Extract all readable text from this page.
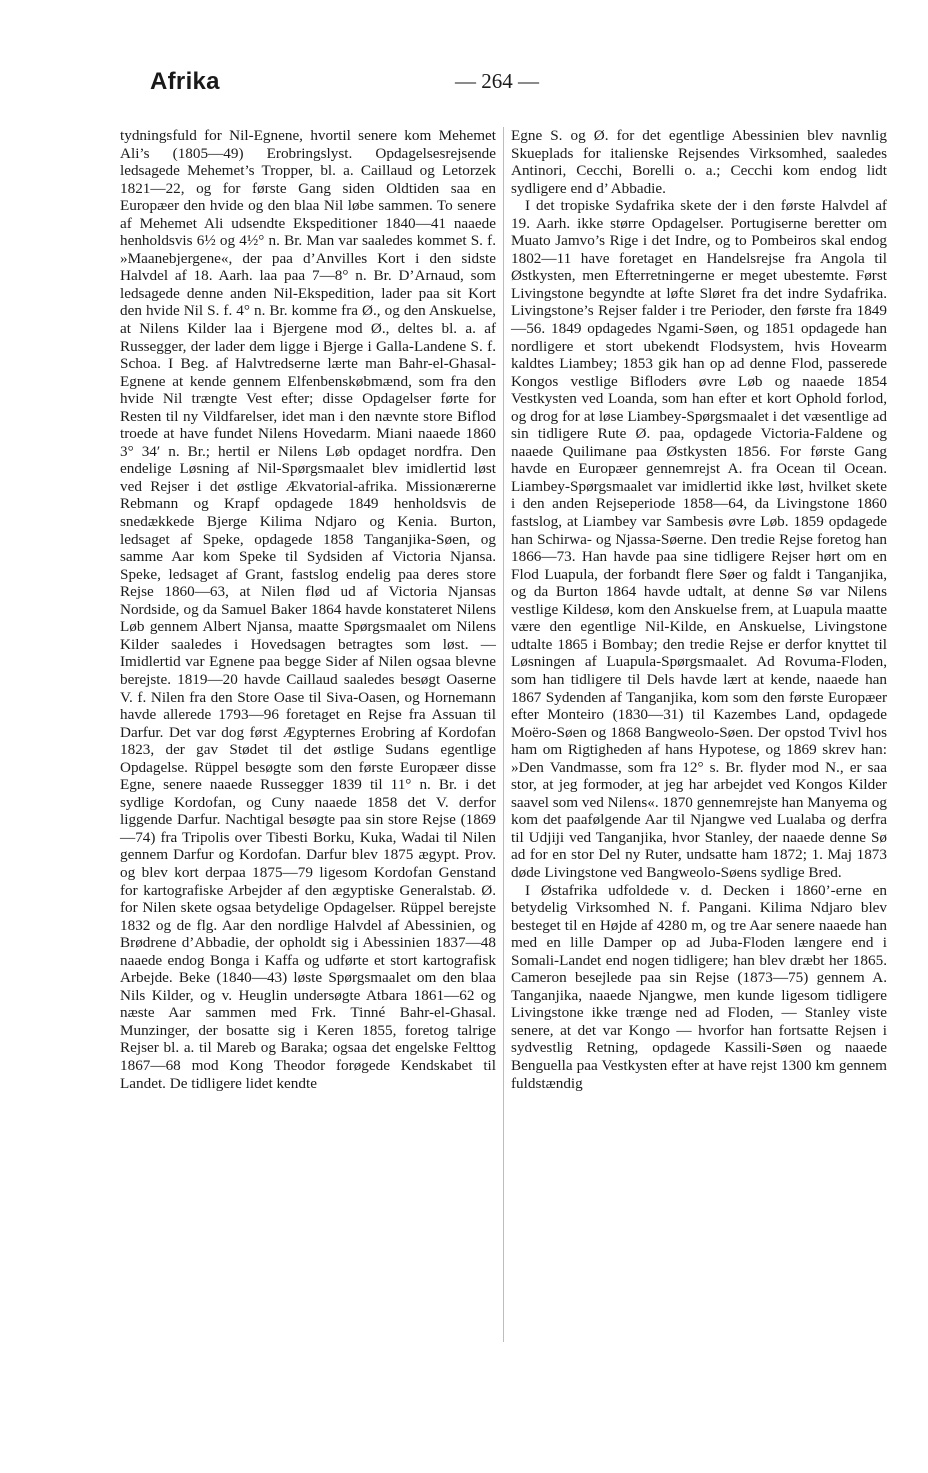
Afrika	— 264 —

tydningsfuld for Nil-Egnene, hvortil senere kom Mehemet Ali’s (1805—49) Erobringslyst. Opdagelsesrejsende ledsagede Mehemet’s Tropper, bl. a. Caillaud og Letorzek 1821—22, og for første Gang siden Oldtiden saa en Europæer den hvide og den blaa Nil løbe sammen. To senere af Mehemet Ali udsendte Ekspeditioner 1840—41 naaede henholdsvis 6½ og 4½° n. Br. Man var saaledes kommet S. f. »Maanebjergene«, der paa d’Anvilles Kort i den sidste Halvdel af 18. Aarh. laa paa 7—8° n. Br. D’Arnaud, som ledsagede denne anden Nil-Ekspedition, lader paa sit Kort den hvide Nil S. f. 4° n. Br. komme fra Ø., og den Anskuelse, at Nilens Kilder laa i Bjergene mod Ø., deltes bl. a. af Russegger, der lader dem ligge i Bjerge i Galla-Landene S. f. Schoa. I Beg. af Halvtredserne lærte man Bahr-el-Ghasal-Egnene at kende gennem Elfenbenskøbmænd, som fra den hvide Nil trængte Vest efter; disse Opdagelser førte for Resten til ny Vildfarelser, idet man i den nævnte store Biflod troede at have fundet Nilens Hovedarm. Miani naaede 1860 3° 34′ n. Br.; hertil er Nilens Løb opdaget nordfra. Den endelige Løsning af Nil-Spørgsmaalet blev imidlertid løst ved Rejser i det østlige Ækvatorial-afrika. Missionærerne Rebmann og Krapf opdagede 1849 henholdsvis de snedækkede Bjerge Kilima Ndjaro og Kenia. Burton, ledsaget af Speke, opdagede 1858 Tanganjika-Søen, og samme Aar kom Speke til Sydsiden af Victoria Njansa. Speke, ledsaget af Grant, fastslog endelig paa deres store Rejse 1860—63, at Nilen flød ud af Victoria Njansas Nordside, og da Samuel Baker 1864 havde konstateret Nilens Løb gennem Albert Njansa, maatte Spørgsmaalet om Nilens Kilder saaledes i Hovedsagen betragtes som løst. — Imidlertid var Egnene paa begge Sider af Nilen ogsaa blevne berejste. 1819—20 havde Caillaud saaledes besøgt Oaserne V. f. Nilen fra den Store Oase til Siva-Oasen, og Hornemann havde allerede 1793—96 foretaget en Rejse fra Assuan til Darfur. Det var dog først Ægypternes Erobring af Kordofan 1823, der gav Stødet til det østlige Sudans egentlige Opdagelse. Rüppel besøgte som den første Europæer disse Egne, senere naaede Russegger 1839 til 11° n. Br. i det sydlige Kordofan, og Cuny naaede 1858 det V. derfor liggende Darfur. Nachtigal besøgte paa sin store Rejse (1869—74) fra Tripolis over Tibesti Borku, Kuka, Wadai til Nilen gennem Darfur og Kordofan. Darfur blev 1875 ægypt. Prov. og blev kort derpaa 1875—79 ligesom Kordofan Genstand for kartografiske Arbejder af den ægyptiske Generalstab. Ø. for Nilen skete ogsaa betydelige Opdagelser. Rüppel berejste 1832 og de flg. Aar den nordlige Halvdel af Abessinien, og Brødrene d’Abbadie, der opholdt sig i Abessinien 1837—48 naaede endog Bonga i Kaffa og udførte et stort kartografisk Arbejde. Beke (1840—43) løste Spørgsmaalet om den blaa Nils Kilder, og v. Heuglin undersøgte Atbara 1861—62 og næste Aar sammen med Frk. Tinné Bahr-el-Ghasal. Munzinger, der bosatte sig i Keren 1855, foretog talrige Rejser bl. a. til Mareb og Baraka; ogsaa det engelske Felttog 1867—68 mod Kong Theodor forøgede Kendskabet til Landet. De tidligere lidet kendte

Egne S. og Ø. for det egentlige Abessinien blev navnlig Skueplads for italienske Rejsendes Virksomhed, saaledes Antinori, Cecchi, Borelli o. a.; Cecchi kom endog lidt sydligere end d’ Abbadie.

I det tropiske Sydafrika skete der i den første Halvdel af 19. Aarh. ikke større Opdagelser. Portugiserne beretter om Muato Jamvo’s Rige i det Indre, og to Pombeiros skal endog 1802—11 have foretaget en Handelsrejse fra Angola til Østkysten, men Efterretningerne er meget ubestemte. Først Livingstone begyndte at løfte Sløret fra det indre Sydafrika. Livingstone’s Rejser falder i tre Perioder, den første fra 1849 —56. 1849 opdagedes Ngami-Søen, og 1851 opdagede han nordligere et stort ubekendt Flodsystem, hvis Hovearm kaldtes Liambey; 1853 gik han op ad denne Flod, passerede Kongos vestlige Bifloders øvre Løb og naaede 1854 Vestkysten ved Loanda, som han efter et kort Ophold forlod, og drog for at løse Liambey-Spørgsmaalet i det væsentlige ad sin tidligere Rute Ø. paa, opdagede Victoria-Faldene og naaede Quilimane paa Østkysten 1856. For første Gang havde en Europæer gennemrejst A. fra Ocean til Ocean. Liambey-Spørgsmaalet var imidlertid ikke løst, hvilket skete i den anden Rejseperiode 1858—64, da Livingstone 1860 fastslog, at Liambey var Sambesis øvre Løb. 1859 opdagede han Schirwa- og Njassa-Søerne. Den tredie Rejse foretog han 1866—73. Han havde paa sine tidligere Rejser hørt om en Flod Luapula, der forbandt flere Søer og faldt i Tanganjika, og da Burton 1864 havde udtalt, at denne Sø var Nilens vestlige Kildesø, kom den Anskuelse frem, at Luapula maatte være den egentlige Nil-Kilde, en Anskuelse, Livingstone udtalte 1865 i Bombay; den tredie Rejse er derfor knyttet til Løsningen af Luapula-Spørgsmaalet. Ad Rovuma-Floden, som han tidligere til Dels havde lært at kende, naaede han 1867 Sydenden af Tanganjika, kom som den første Europæer efter Monteiro (1830—31) til Kazembes Land, opdagede Moëro-Søen og 1868 Bangweolo-Søen. Der opstod Tvivl hos ham om Rigtigheden af hans Hypotese, og 1869 skrev han: »Den Vandmasse, som fra 12° s. Br. flyder mod N., er saa stor, at jeg formoder, at jeg har arbejdet ved Kongos Kilder saavel som ved Nilens«. 1870 gennemrejste han Manyema og kom det paafølgende Aar til Njangwe ved Lualaba og derfra til Udjiji ved Tanganjika, hvor Stanley, der naaede denne Sø ad for en stor Del ny Ruter, undsatte ham 1872; 1. Maj 1873 døde Livingstone ved Bangweolo-Søens sydlige Bred.

I Østafrika udfoldede v. d. Decken i 1860’-erne en betydelig Virksomhed N. f. Pangani. Kilima Ndjaro blev besteget til en Højde af 4280 m, og tre Aar senere naaede han med en lille Damper op ad Juba-Floden længere end i Somali-Landet end nogen tidligere; han blev dræbt her 1865. Cameron besejlede paa sin Rejse (1873—75) gennem A. Tanganjika, naaede Njangwe, men kunde ligesom tidligere Livingstone ikke trænge ned ad Floden, — Stanley viste senere, at det var Kongo — hvorfor han fortsatte Rejsen i sydvestlig Retning, opdagede Kassili-Søen og naaede Benguella paa Vestkysten efter at have rejst 1300 km gennem fuldstændig
